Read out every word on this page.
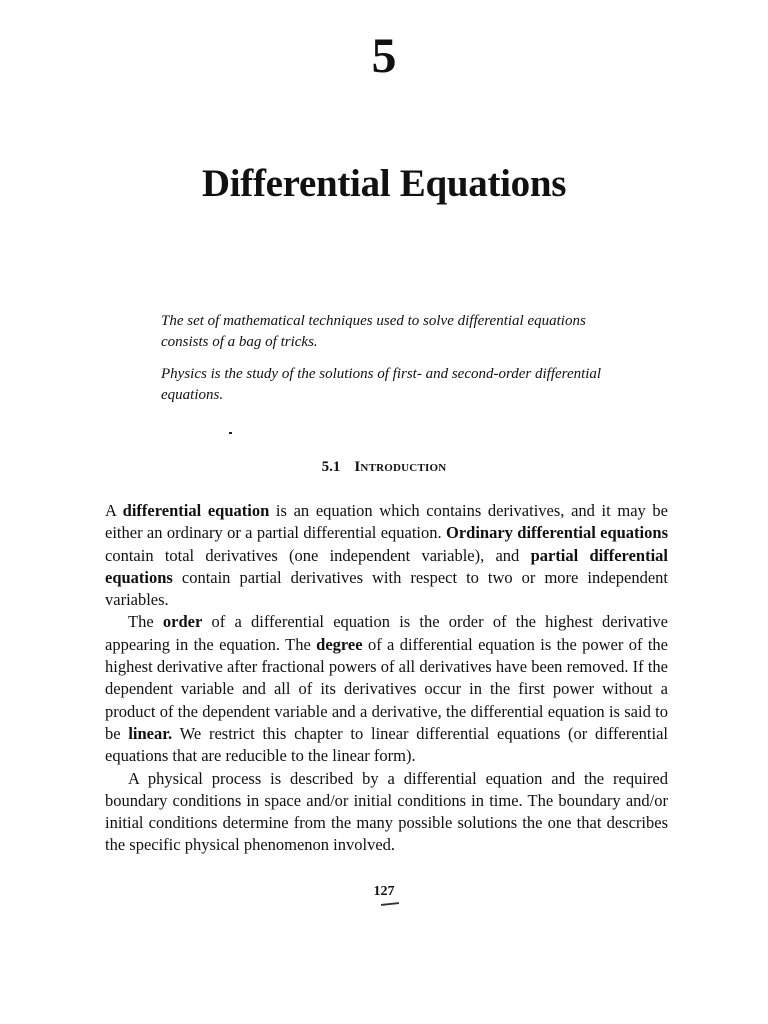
5
Differential Equations

The set of mathematical techniques used to solve differential equations consists of a bag of tricks.

Physics is the study of the solutions of first- and second-order differential equations.

5.1 Introduction

A differential equation is an equation which contains derivatives, and it may be either an ordinary or a partial differential equation. Ordinary differential equations contain total derivatives (one independent variable), and partial differential equations contain partial derivatives with respect to two or more independent variables.

The order of a differential equation is the order of the highest derivative appearing in the equation. The degree of a differential equation is the power of the highest derivative after fractional powers of all derivatives have been removed. If the dependent variable and all of its derivatives occur in the first power without a product of the dependent variable and a derivative, the differential equation is said to be linear. We restrict this chapter to linear differential equations (or differential equations that are reducible to the linear form).

A physical process is described by a differential equation and the required boundary conditions in space and/or initial conditions in time. The boundary and/or initial conditions determine from the many possible solutions the one that describes the specific physical phenomenon involved.

127
